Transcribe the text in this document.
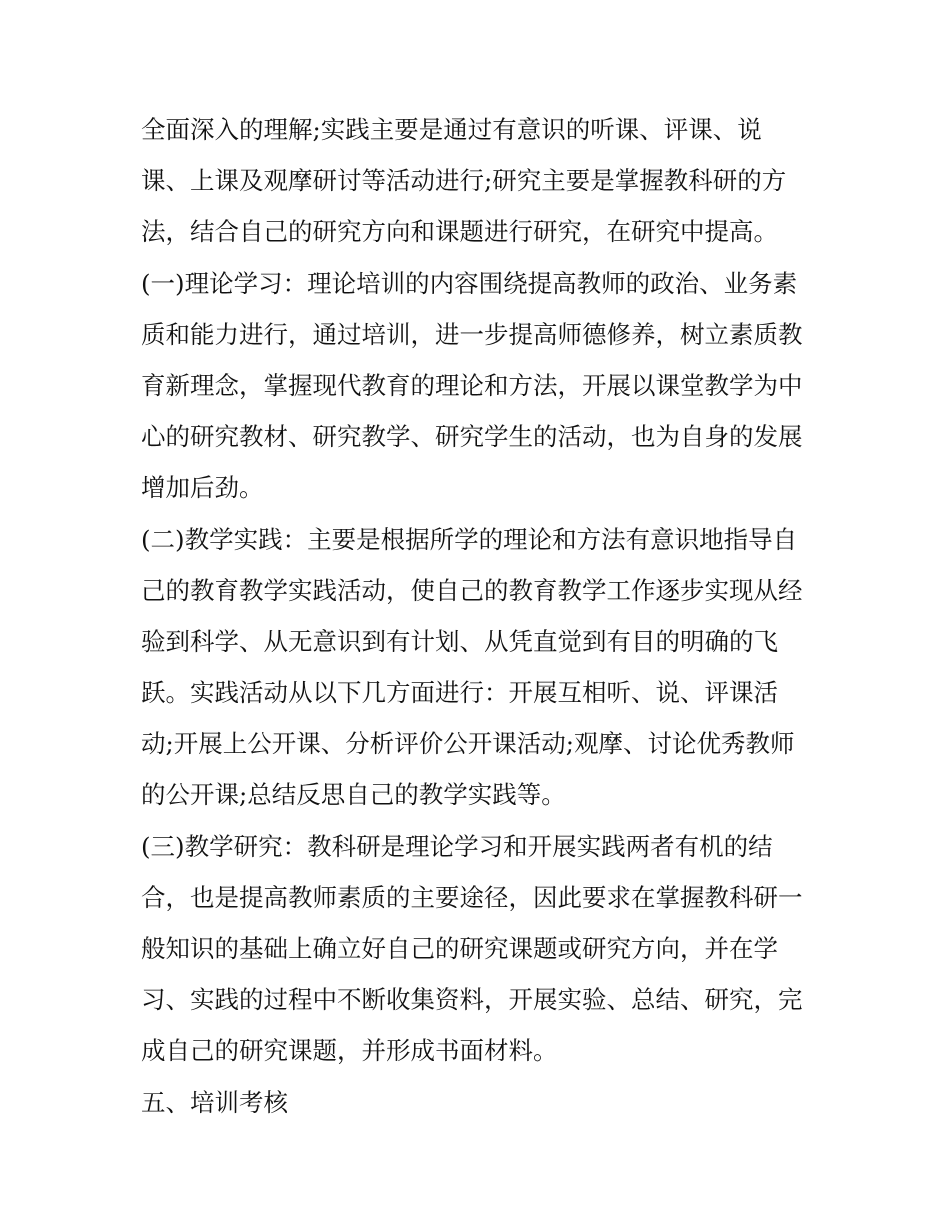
全面深入的理解;实践主要是通过有意识的听课、评课、说
课、上课及观摩研讨等活动进行;研究主要是掌握教科研的方
法，结合自己的研究方向和课题进行研究，在研究中提高。
(一)理论学习：理论培训的内容围绕提高教师的政治、业务素
质和能力进行，通过培训，进一步提高师德修养，树立素质教
育新理念，掌握现代教育的理论和方法，开展以课堂教学为中
心的研究教材、研究教学、研究学生的活动，也为自身的发展
增加后劲。
(二)教学实践：主要是根据所学的理论和方法有意识地指导自
己的教育教学实践活动，使自己的教育教学工作逐步实现从经
验到科学、从无意识到有计划、从凭直觉到有目的明确的飞
跃。实践活动从以下几方面进行：开展互相听、说、评课活
动;开展上公开课、分析评价公开课活动;观摩、讨论优秀教师
的公开课;总结反思自己的教学实践等。
(三)教学研究：教科研是理论学习和开展实践两者有机的结
合，也是提高教师素质的主要途径，因此要求在掌握教科研一
般知识的基础上确立好自己的研究课题或研究方向，并在学
习、实践的过程中不断收集资料，开展实验、总结、研究，完
成自己的研究课题，并形成书面材料。
五、培训考核
